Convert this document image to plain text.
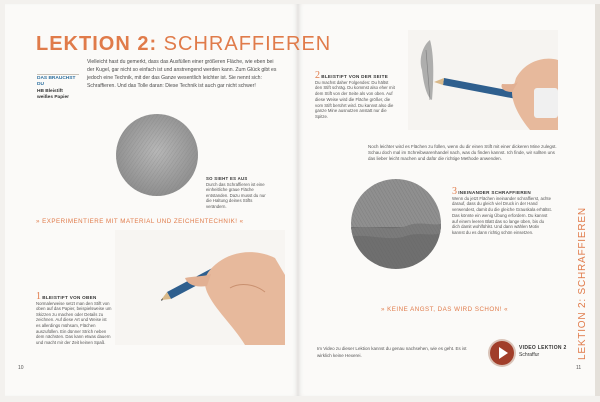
LEKTION 2: SCHRAFFIEREN
DAS BRAUCHST DU
HB Bleistift
weißes Papier

Vielleicht hast du gemerkt, dass das Ausfüllen einer größeren Fläche, wie eben bei der Kugel, gar nicht so einfach ist und anstrengend werden kann. Zum Glück gibt es jedoch eine Technik, mit der das Ganze wesentlich leichter ist. Sie nennt sich: Schraffieren. Und das Tolle daran: Diese Technik ist auch gar nicht schwer!

SO SIEHT ES AUS
Durch das Schraffieren ist eine einheitliche graue Fläche entstanden. Dazu musst du nur die Haltung deines Stifts verändern.
» EXPERIMENTIERE MIT MATERIAL UND ZEICHENTECHNIK! «
1 BLEISTIFT VON OBEN
Normalerweise setzt man den Stift von oben auf das Papier, beispielsweise um Skizzen zu machen oder Details zu zeichnen. Auf diese Art und Weise ist es allerdings mühsam, Flächen auszufüllen. Ein dünner Strich neben dem nächsten. Das kann etwas dauern und macht mir der Zeit keinen Spaß.
10
2 BLEISTIFT VON DER SEITE
Du machst daher Folgendes: Du hältst den Stift schräg. Du kommst also eher mit dem Stift von der Seite als von oben. Auf diese Weise wird die Fläche größer, die vom Stift berührt wird. Du kannst also die ganze Mine ausnutzen anstatt nur die Spitze.

Noch leichter wird es Flächen zu füllen, wenn du dir einen Stift mit einer dickeren Mine zulegst. Schau doch mal im Schreibwarenhandel nach, was du finden kannst. Ich finde, wir sollten uns das lieber leicht machen und dafür die richtige Methode anwenden.

3 INEINANDER SCHRAFFIEREN
Wenn du jetzt Flächen ineinander schraffierst, achte darauf, dass du gleich viel Druck in der Hand verwendest, damit du die gleiche Grauskala erhältst. Das könnte ein wenig Übung erfordern. Du kannst auf einem leeren Blatt das so lange üben, bis du dich damit wohlfühlst. Und dann wählen Motiv kannst du es dann richtig schön einsetzen.
» KEINE ANGST, DAS WIRD SCHON! «

Im Video zu dieser Lektion kannst du genau nachsehen, wie es geht. Es ist wirklich keine Hexerei.

VIDEO LEKTION 2
Schraffur	LEKTION 2: SCHRAFFIEREN
11
